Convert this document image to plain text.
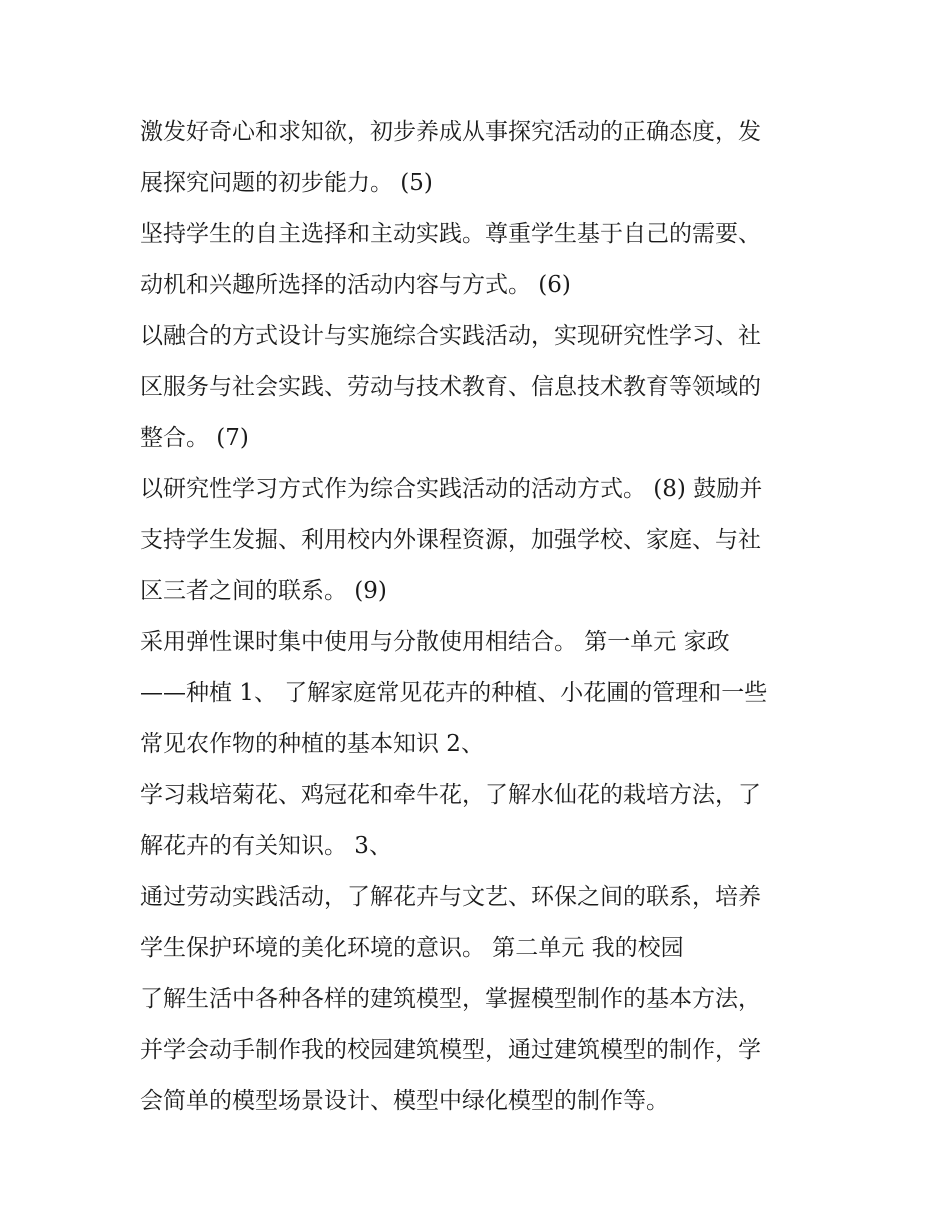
激发好奇心和求知欲，初步养成从事探究活动的正确态度，发
展探究问题的初步能力。 (5)
坚持学生的自主选择和主动实践。尊重学生基于自己的需要、
动机和兴趣所选择的活动内容与方式。 (6)
以融合的方式设计与实施综合实践活动，实现研究性学习、社
区服务与社会实践、劳动与技术教育、信息技术教育等领域的
整合。 (7)
以研究性学习方式作为综合实践活动的活动方式。 (8) 鼓励并
支持学生发掘、利用校内外课程资源，加强学校、家庭、与社
区三者之间的联系。 (9)
采用弹性课时集中使用与分散使用相结合。 第一单元 家政
——种植 1、 了解家庭常见花卉的种植、小花圃的管理和一些
常见农作物的种植的基本知识 2、
学习栽培菊花、鸡冠花和牵牛花，了解水仙花的栽培方法，了
解花卉的有关知识。 3、
通过劳动实践活动，了解花卉与文艺、环保之间的联系，培养
学生保护环境的美化环境的意识。 第二单元 我的校园
了解生活中各种各样的建筑模型，掌握模型制作的基本方法，
并学会动手制作我的校园建筑模型，通过建筑模型的制作，学
会简单的模型场景设计、模型中绿化模型的制作等。
